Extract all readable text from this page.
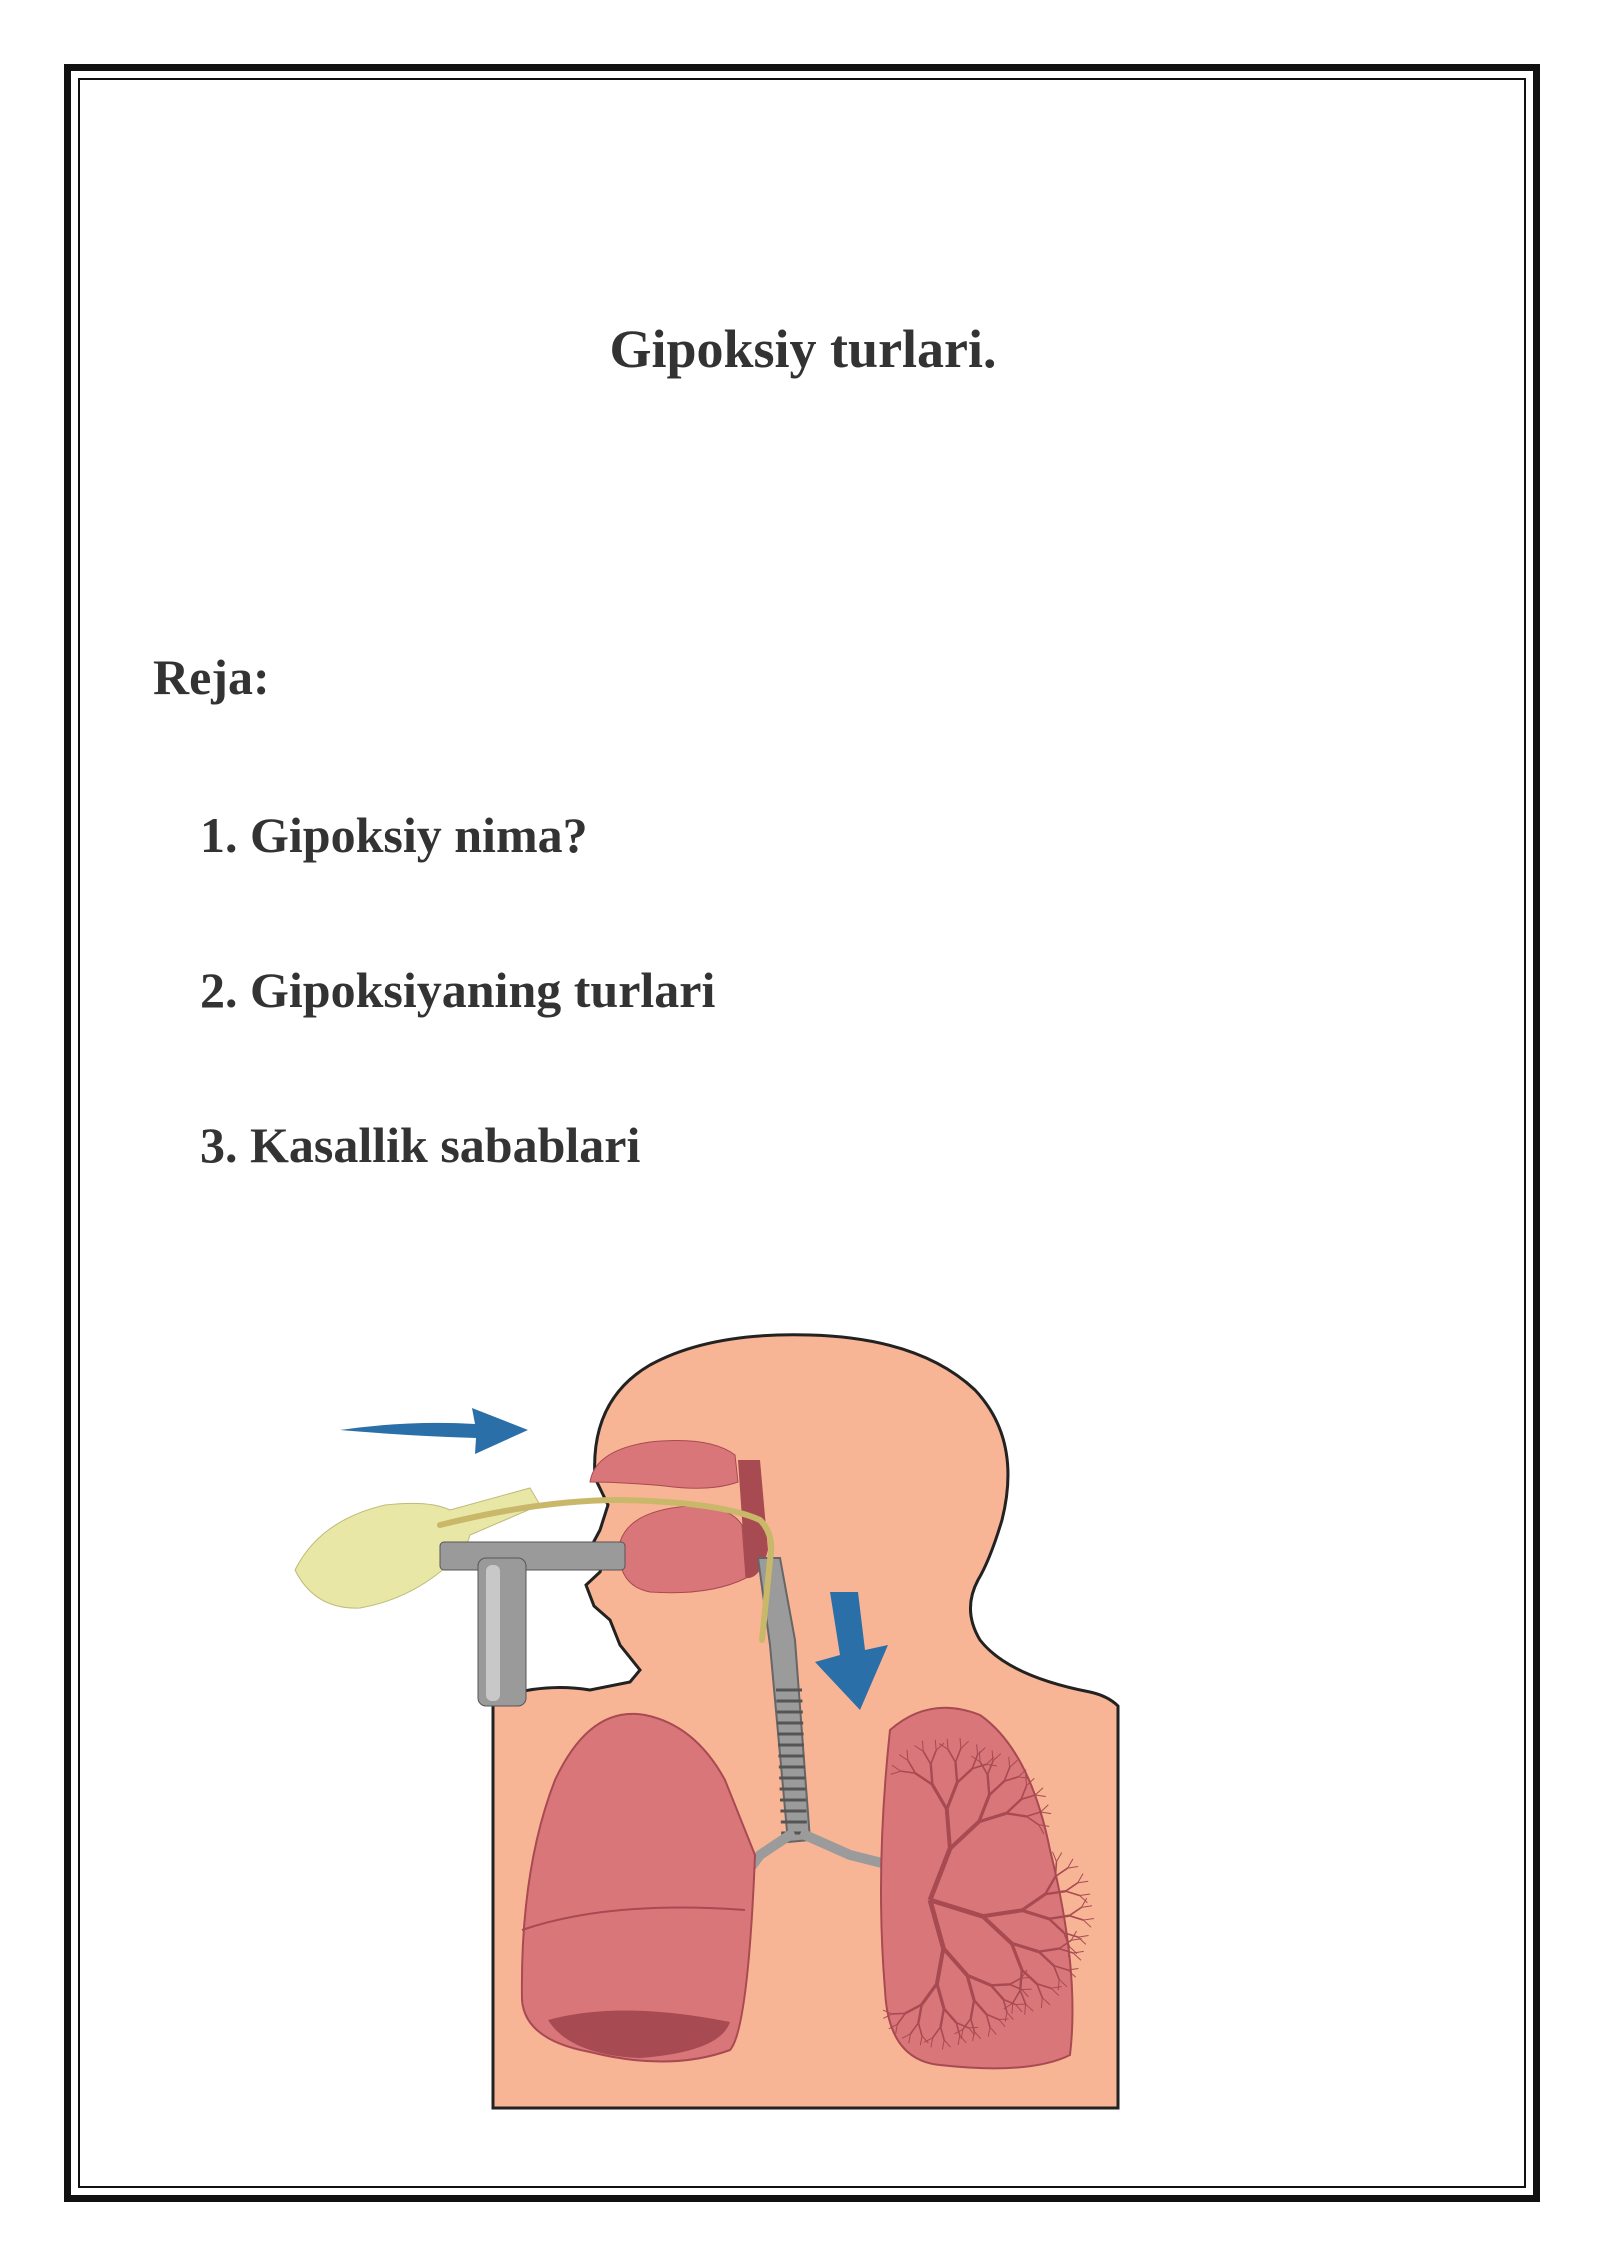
Gipoksiy turlari.

Reja:

1. Gipoksiy nima?
2. Gipoksiyaning turlari
3. Kasallik sabablari
